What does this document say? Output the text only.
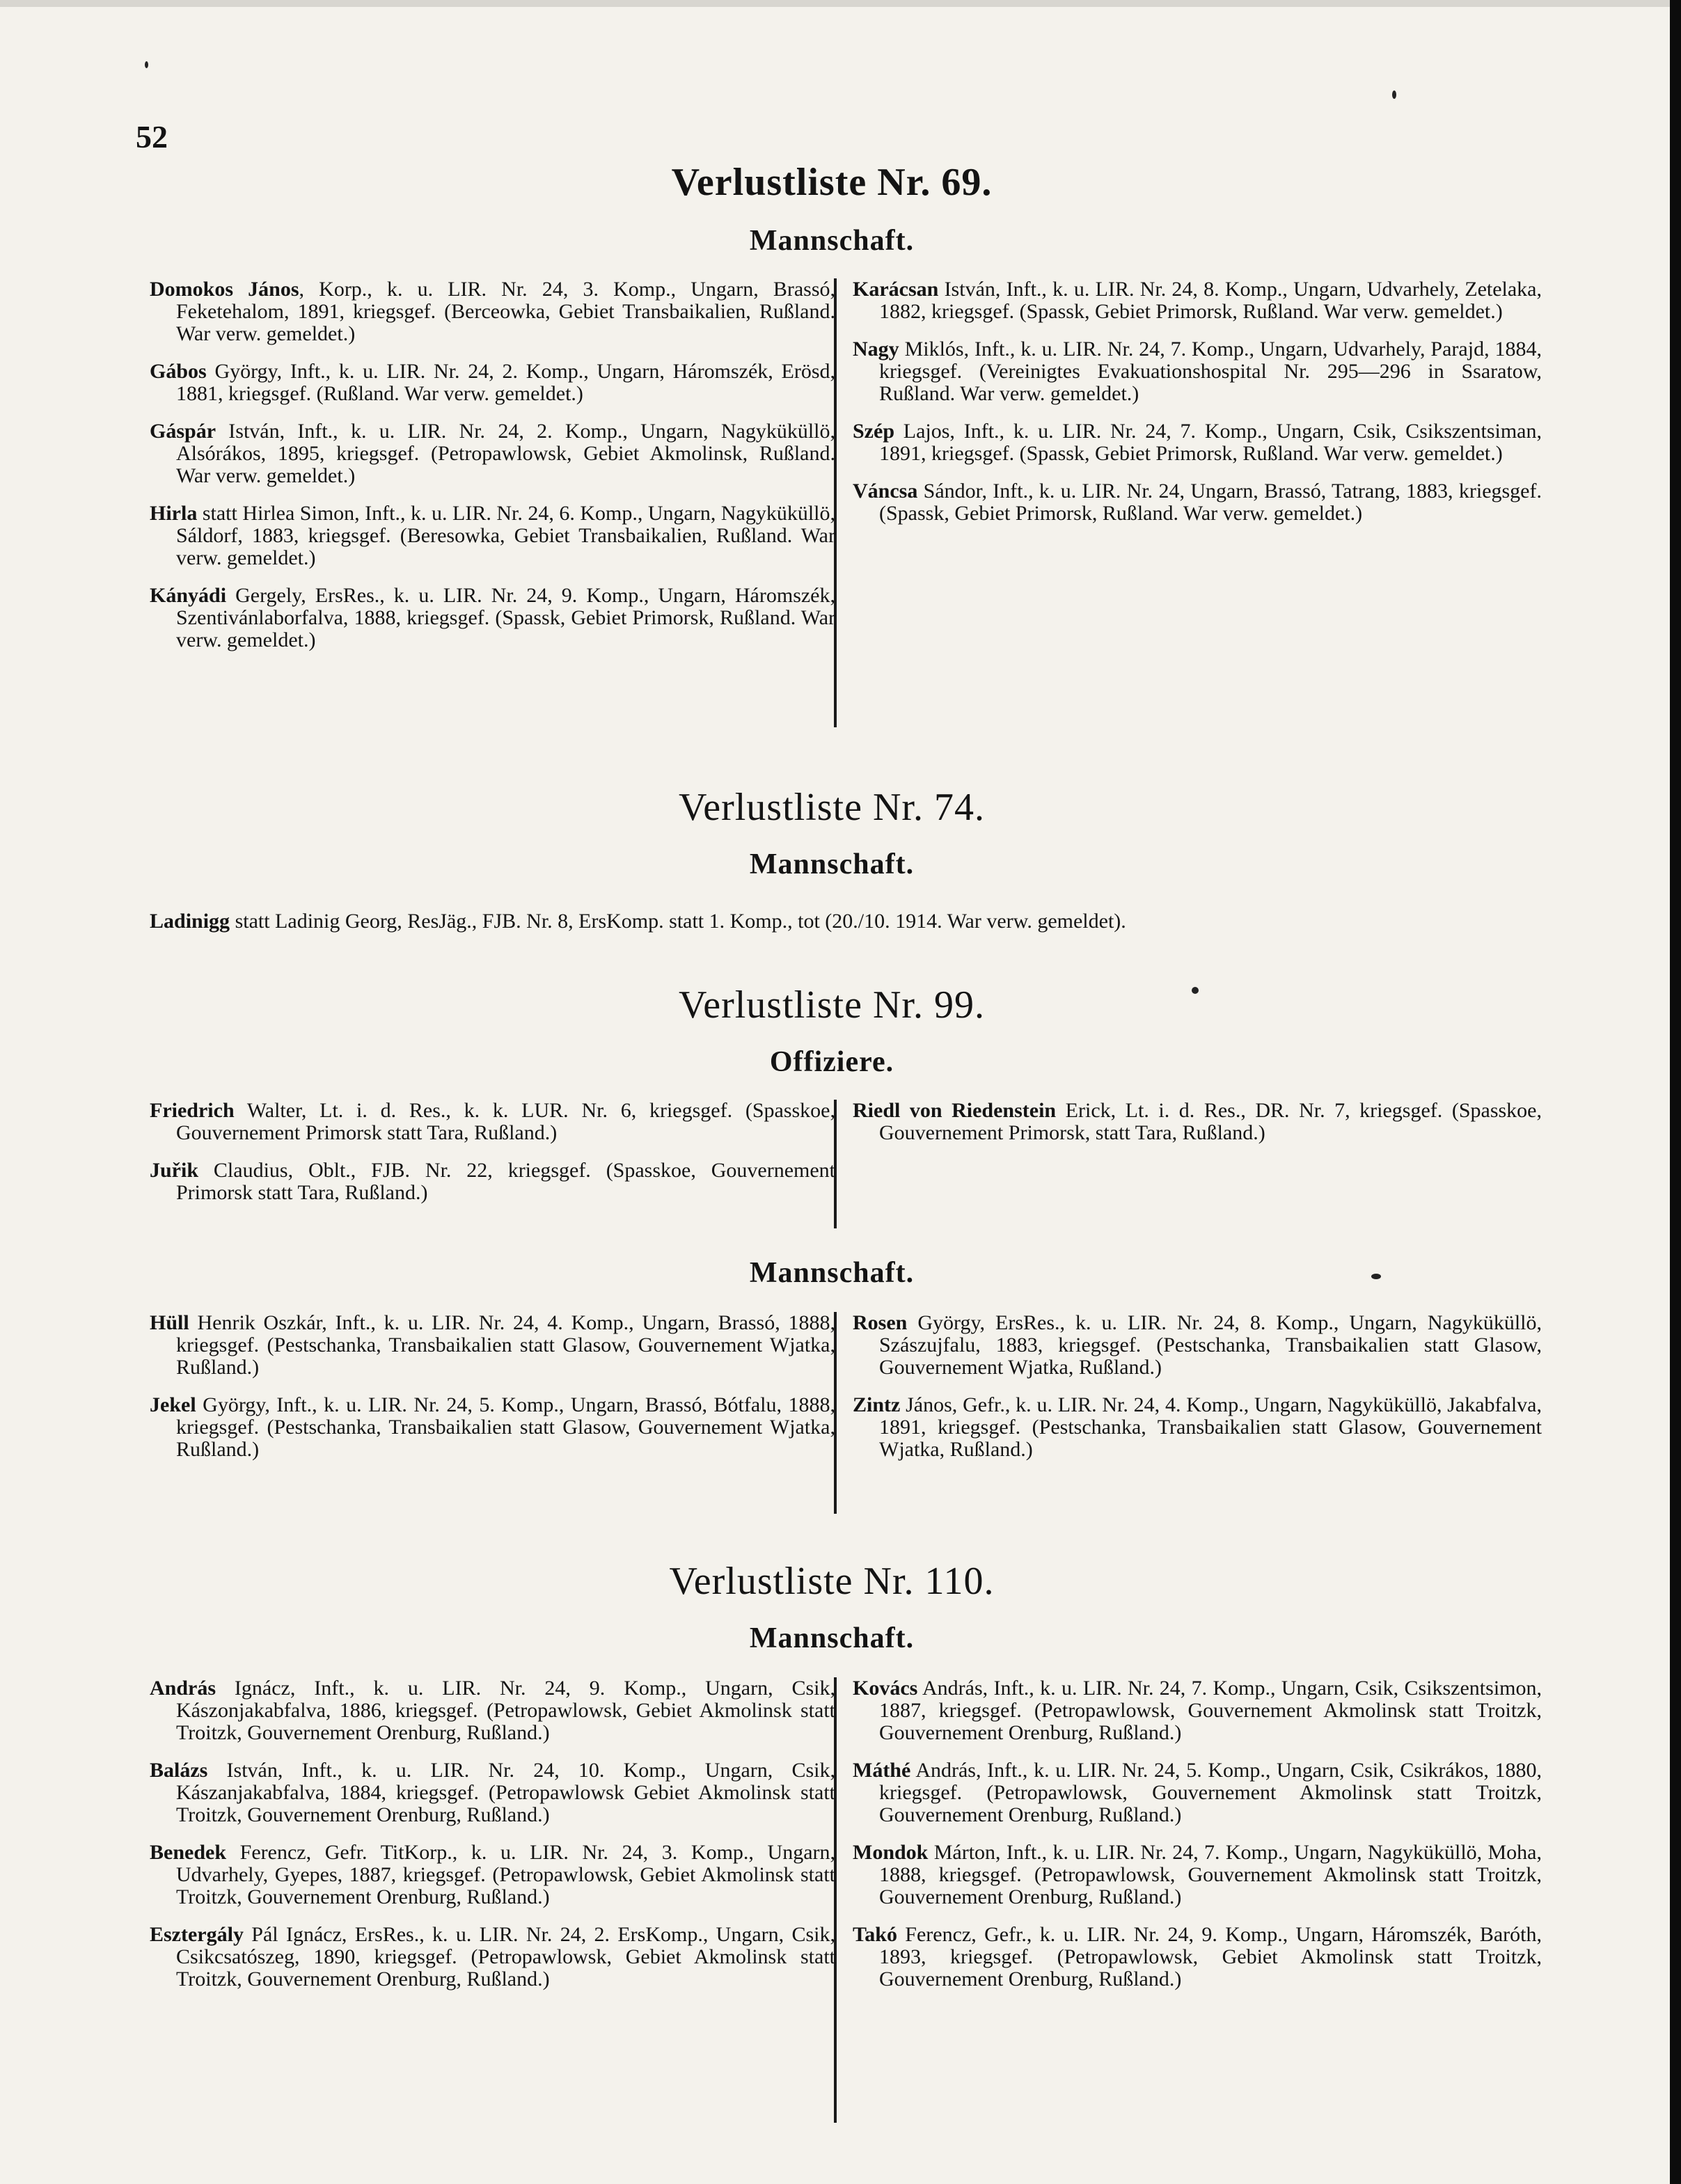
52
Verlustliste Nr. 69.
Mannschaft.

Domokos János, Korp., k. u. LIR. Nr. 24, 3. Komp., Ungarn, Brassó, Feketehalom, 1891, kriegsgef. (Berceowka, Gebiet Transbaikalien, Rußland. War verw. gemeldet.)

Gábos György, Inft., k. u. LIR. Nr. 24, 2. Komp., Ungarn, Háromszék, Erösd, 1881, kriegsgef. (Rußland. War verw. gemeldet.)

Gáspár István, Inft., k. u. LIR. Nr. 24, 2. Komp., Ungarn, Nagyküküllö, Alsórákos, 1895, kriegsgef. (Petropawlowsk, Gebiet Akmolinsk, Rußland. War verw. gemeldet.)

Hirla statt Hirlea Simon, Inft., k. u. LIR. Nr. 24, 6. Komp., Ungarn, Nagyküküllö, Sáldorf, 1883, kriegsgef. (Beresowka, Gebiet Transbaikalien, Rußland. War verw. gemeldet.)

Kányádi Gergely, ErsRes., k. u. LIR. Nr. 24, 9. Komp., Ungarn, Háromszék, Szentivánlaborfalva, 1888, kriegsgef. (Spassk, Gebiet Primorsk, Rußland. War verw. gemeldet.)

Karácsan István, Inft., k. u. LIR. Nr. 24, 8. Komp., Ungarn, Udvarhely, Zetelaka, 1882, kriegsgef. (Spassk, Gebiet Primorsk, Rußland. War verw. gemeldet.)

Nagy Miklós, Inft., k. u. LIR. Nr. 24, 7. Komp., Ungarn, Udvarhely, Parajd, 1884, kriegsgef. (Vereinigtes Evakuationshospital Nr. 295—296 in Ssaratow, Rußland. War verw. gemeldet.)

Szép Lajos, Inft., k. u. LIR. Nr. 24, 7. Komp., Ungarn, Csik, Csikszentsiman, 1891, kriegsgef. (Spassk, Gebiet Primorsk, Rußland. War verw. gemeldet.)

Váncsa Sándor, Inft., k. u. LIR. Nr. 24, Ungarn, Brassó, Tatrang, 1883, kriegsgef. (Spassk, Gebiet Primorsk, Rußland. War verw. gemeldet.)

Verlustliste Nr. 74.
Mannschaft.
Ladinigg statt Ladinig Georg, ResJäg., FJB. Nr. 8, ErsKomp. statt 1. Komp., tot (20./10. 1914. War verw. gemeldet).
Verlustliste Nr. 99.
Offiziere.

Friedrich Walter, Lt. i. d. Res., k. k. LUR. Nr. 6, kriegsgef. (Spasskoe, Gouvernement Primorsk statt Tara, Rußland.)

Juřik Claudius, Oblt., FJB. Nr. 22, kriegsgef. (Spasskoe, Gouvernement Primorsk statt Tara, Rußland.)

Riedl von Riedenstein Erick, Lt. i. d. Res., DR. Nr. 7, kriegsgef. (Spasskoe, Gouvernement Primorsk, statt Tara, Rußland.)

Mannschaft.

Hüll Henrik Oszkár, Inft., k. u. LIR. Nr. 24, 4. Komp., Ungarn, Brassó, 1888, kriegsgef. (Pestschanka, Transbaikalien statt Glasow, Gouvernement Wjatka, Rußland.)

Jekel György, Inft., k. u. LIR. Nr. 24, 5. Komp., Ungarn, Brassó, Bótfalu, 1888, kriegsgef. (Pestschanka, Transbaikalien statt Glasow, Gouvernement Wjatka, Rußland.)

Rosen György, ErsRes., k. u. LIR. Nr. 24, 8. Komp., Ungarn, Nagyküküllö, Szászujfalu, 1883, kriegsgef. (Pestschanka, Transbaikalien statt Glasow, Gouvernement Wjatka, Rußland.)

Zintz János, Gefr., k. u. LIR. Nr. 24, 4. Komp., Ungarn, Nagyküküllö, Jakabfalva, 1891, kriegsgef. (Pestschanka, Transbaikalien statt Glasow, Gouvernement Wjatka, Rußland.)

Verlustliste Nr. 110.
Mannschaft.

András Ignácz, Inft., k. u. LIR. Nr. 24, 9. Komp., Ungarn, Csik, Kászonjakabfalva, 1886, kriegsgef. (Petropawlowsk, Gebiet Akmolinsk statt Troitzk, Gouvernement Orenburg, Rußland.)

Balázs István, Inft., k. u. LIR. Nr. 24, 10. Komp., Ungarn, Csik, Kászanjakabfalva, 1884, kriegsgef. (Petropawlowsk Gebiet Akmolinsk statt Troitzk, Gouvernement Orenburg, Rußland.)

Benedek Ferencz, Gefr. TitKorp., k. u. LIR. Nr. 24, 3. Komp., Ungarn, Udvarhely, Gyepes, 1887, kriegsgef. (Petropawlowsk, Gebiet Akmolinsk statt Troitzk, Gouvernement Orenburg, Rußland.)

Esztergály Pál Ignácz, ErsRes., k. u. LIR. Nr. 24, 2. ErsKomp., Ungarn, Csik, Csikcsatószeg, 1890, kriegsgef. (Petropawlowsk, Gebiet Akmolinsk statt Troitzk, Gouvernement Orenburg, Rußland.)

Kovács András, Inft., k. u. LIR. Nr. 24, 7. Komp., Ungarn, Csik, Csikszentsimon, 1887, kriegsgef. (Petropawlowsk, Gouvernement Akmolinsk statt Troitzk, Gouvernement Orenburg, Rußland.)

Máthé András, Inft., k. u. LIR. Nr. 24, 5. Komp., Ungarn, Csik, Csikrákos, 1880, kriegsgef. (Petropawlowsk, Gouvernement Akmolinsk statt Troitzk, Gouvernement Orenburg, Rußland.)

Mondok Márton, Inft., k. u. LIR. Nr. 24, 7. Komp., Ungarn, Nagyküküllö, Moha, 1888, kriegsgef. (Petropawlowsk, Gouvernement Akmolinsk statt Troitzk, Gouvernement Orenburg, Rußland.)

Takó Ferencz, Gefr., k. u. LIR. Nr. 24, 9. Komp., Ungarn, Háromszék, Baróth, 1893, kriegsgef. (Petropawlowsk, Gebiet Akmolinsk statt Troitzk, Gouvernement Orenburg, Rußland.)
